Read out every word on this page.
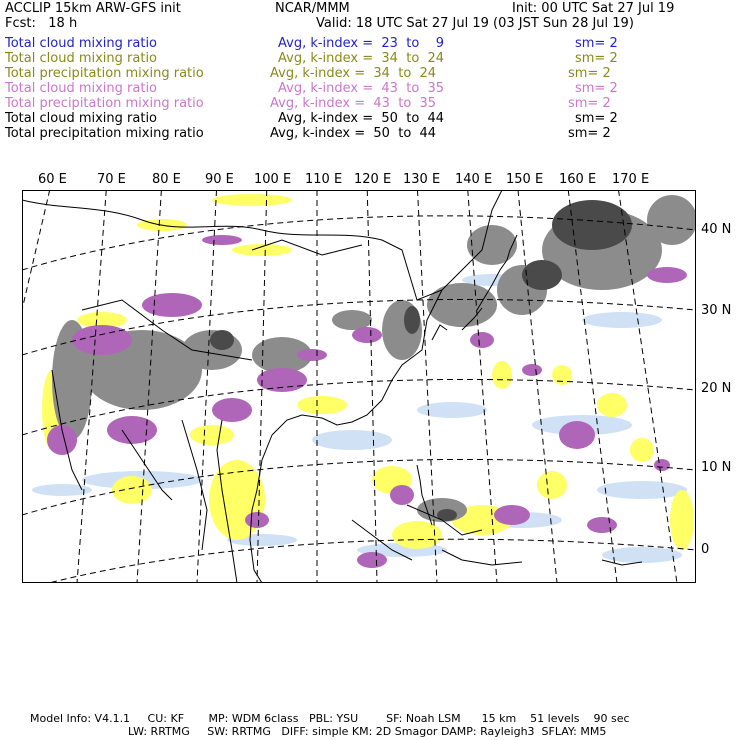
ACCLIP 15km ARW-GFS init	NCAR/MMM	Init: 00 UTC Sat 27 Jul 19
Fcst:   18 h	Valid: 18 UTC Sat 27 Jul 19 (03 JST Sun 28 Jul 19)
Total cloud mixing ratio	Avg, k-index =  23  to    9	sm= 2
Total cloud mixing ratio	Avg, k-index =  34  to  24	sm= 2
Total precipitation mixing ratio	Avg, k-index =  34  to  24	sm= 2
Total cloud mixing ratio	Avg, k-index =  43  to  35	sm= 2
Total precipitation mixing ratio	Avg, k-index =  43  to  35	sm= 2
Total cloud mixing ratio	Avg, k-index =  50  to  44	sm= 2
Total precipitation mixing ratio	Avg, k-index =  50  to  44	sm= 2
60 E 70 E 80 E 90 E 100 E 110 E 120 E 130 E 140 E 150 E 160 E 170 E
40 N
30 N
20 N
10 N
0
Model Info: V4.1.1     CU: KF       MP: WDM 6class   PBL: YSU        SF: Noah LSM      15 km    51 levels    90 sec
LW: RRTMG     SW: RRTMG   DIFF: simple KM: 2D Smagor DAMP: Rayleigh3  SFLAY: MM5
